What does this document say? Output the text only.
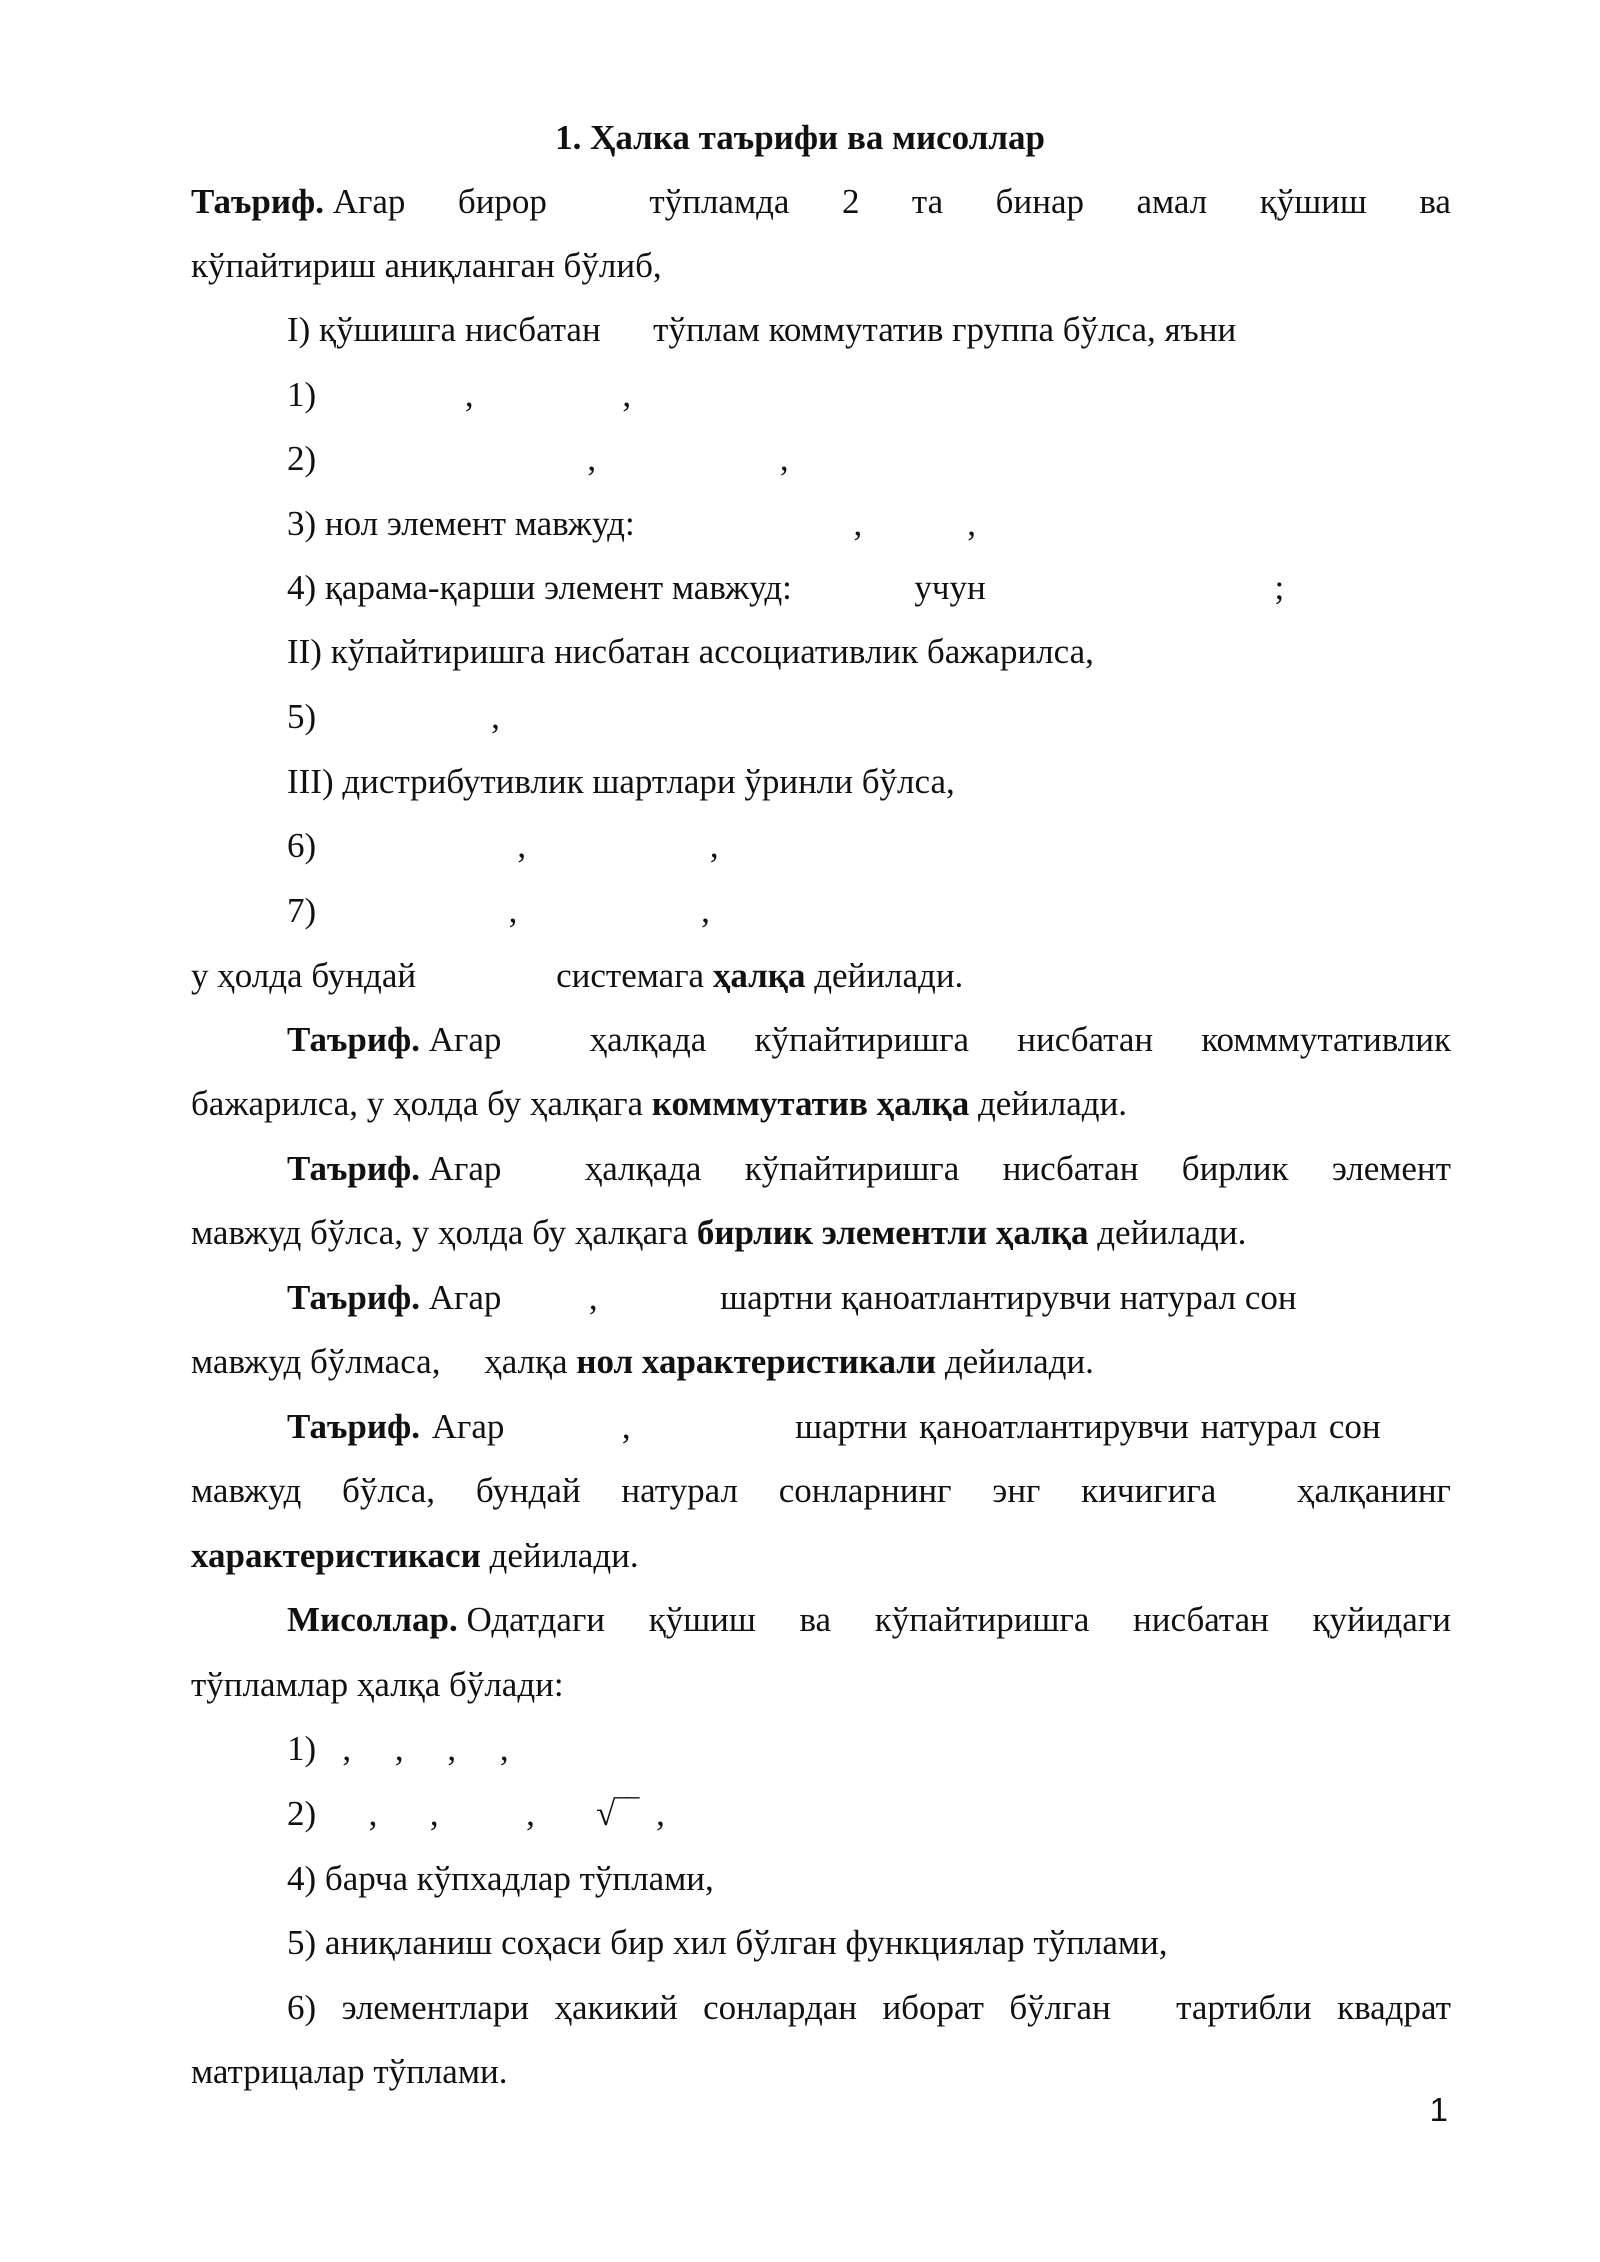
1. Ҳалка таърифи ва мисоллар
Таъриф. Агар бирор	тўпламда 2 та бинар амал қўшиш ва
кўпайтириш аниқланган бўлиб,
I) қўшишга нисбатан      тўплам коммутатив группа бўлса, яъни
1)                 ,                 ,
2)                               ,                     ,
3) нол элемент мавжуд:                         ,            ,
4) қарама-қарши элемент мавжуд:              учун                                 ;
II) кўпайтиришга нисбатан ассоциативлик бажарилса,
5)                    ,
III) дистрибутивлик шартлари ўринли бўлса,
6)                       ,                     ,
7)                      ,                     ,
у ҳолда бундай                системага ҳалқа дейилади.
Таъриф. Агар	ҳалқада кўпайтиришга нисбатан комммутативлик
бажарилса, у ҳолда бу ҳалқага комммутатив ҳалқа дейилади.
Таъриф. Агар ҳалқада кўпайтиришга нисбатан бирлик элемент
мавжуд бўлса, у ҳолда бу ҳалқага бирлик элементли ҳалқа дейилади.
Таъриф. Агар          ,              шартни қаноатлантирувчи натурал сон
мавжуд бўлмаса,     ҳалқа нол характеристикали дейилади.
Таъриф. Агар          ,              шартни қаноатлантирувчи натурал сон
мавжуд бўлса, бундай натурал сонларнинг энг кичигига ҳалқанинг
характеристикаси дейилади.
Мисоллар. Одатдаги қўшиш ва кўпайтиришга нисбатан қуйидаги
тўпламлар ҳалқа бўлади:
1)   ,     ,     ,     ,
2)      ,      ,          ,       √‾‾  ,
4) барча кўпхадлар тўплами,
5) аниқланиш соҳаси бир хил бўлган функциялар тўплами,
6) элементлари ҳакикий сонлардан иборат бўлган тартибли квадрат
матрицалар тўплами.
1
